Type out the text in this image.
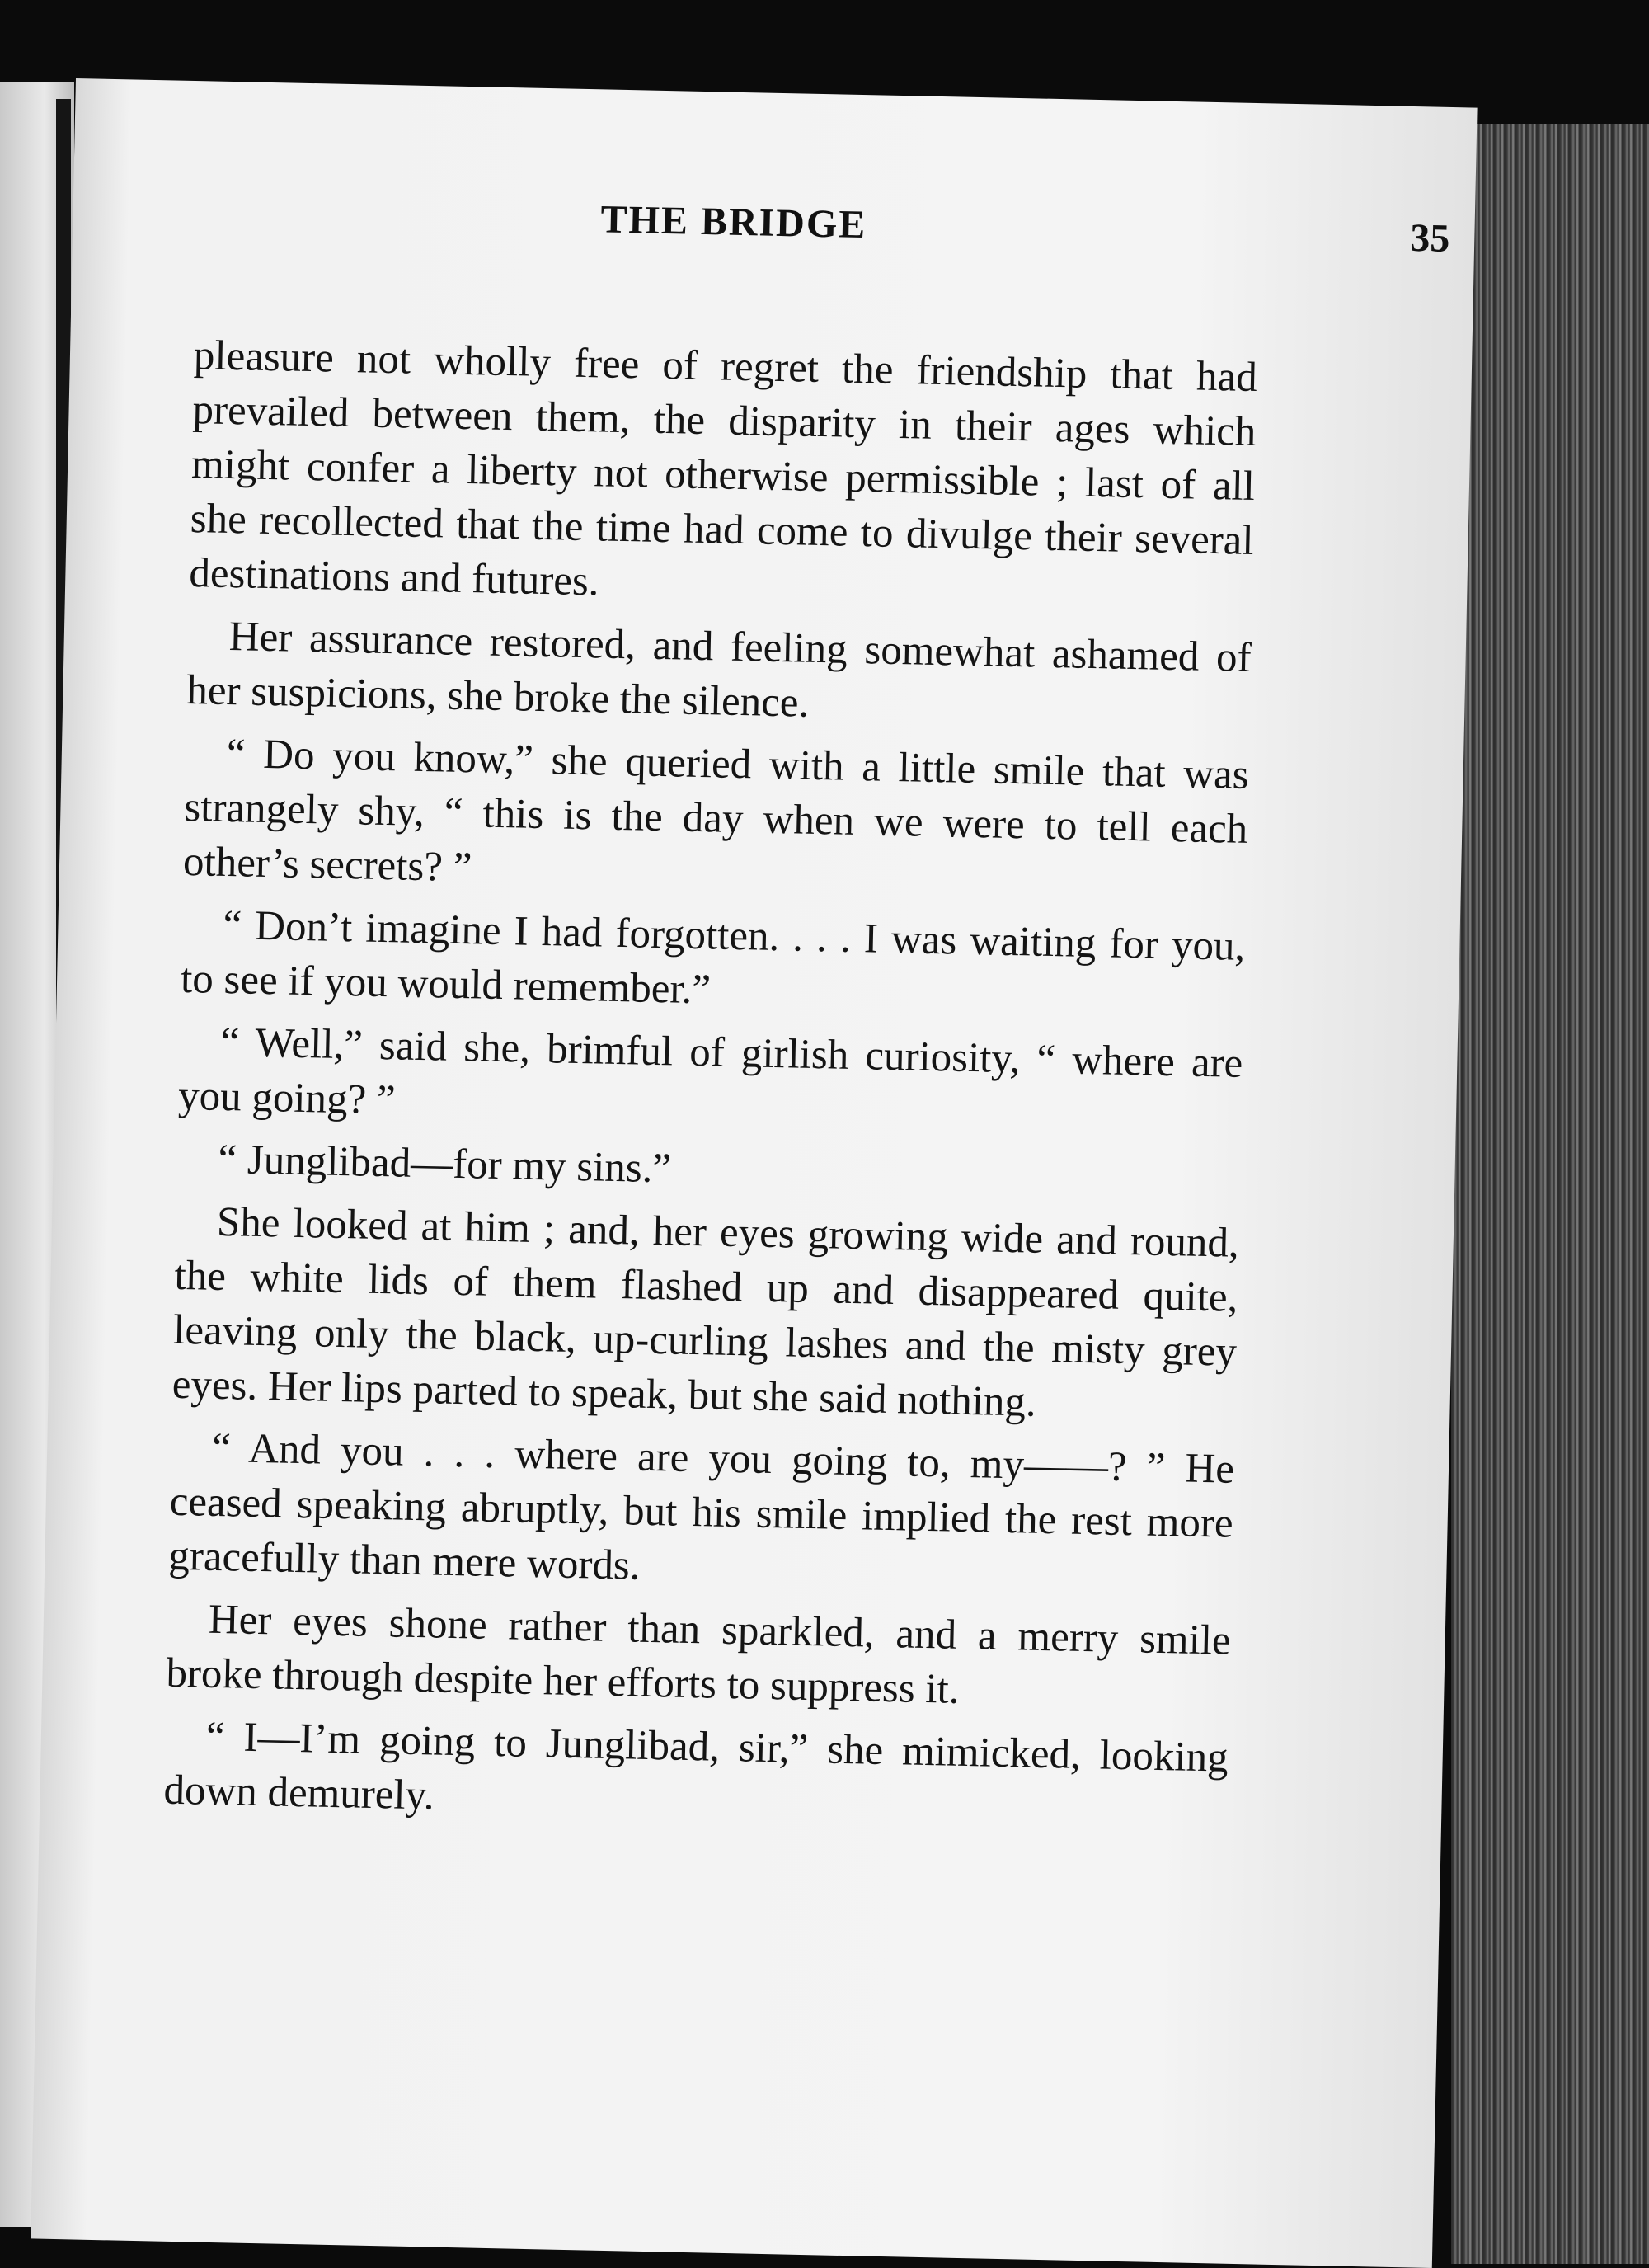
THE BRIDGE	35

pleasure not wholly free of regret the friendship that had prevailed between them, the disparity in their ages which might confer a liberty not otherwise permissible ; last of all she recollected that the time had come to divulge their several destinations and futures.

Her assurance restored, and feeling somewhat ashamed of her suspicions, she broke the silence.

“ Do you know,” she queried with a little smile that was strangely shy, “ this is the day when we were to tell each other’s secrets? ”

“ Don’t imagine I had forgotten. . . . I was waiting for you, to see if you would remember.”

“ Well,” said she, brimful of girlish curiosity, “ where are you going? ”

“ Junglibad—for my sins.”

She looked at him ; and, her eyes growing wide and round, the white lids of them flashed up and disappeared quite, leaving only the black, up-curling lashes and the misty grey eyes. Her lips parted to speak, but she said nothing.

“ And you . . . where are you going to, my——? ” He ceased speaking abruptly, but his smile implied the rest more gracefully than mere words.

Her eyes shone rather than sparkled, and a merry smile broke through despite her efforts to suppress it.

“ I—I’m going to Junglibad, sir,” she mimicked, looking down demurely.
